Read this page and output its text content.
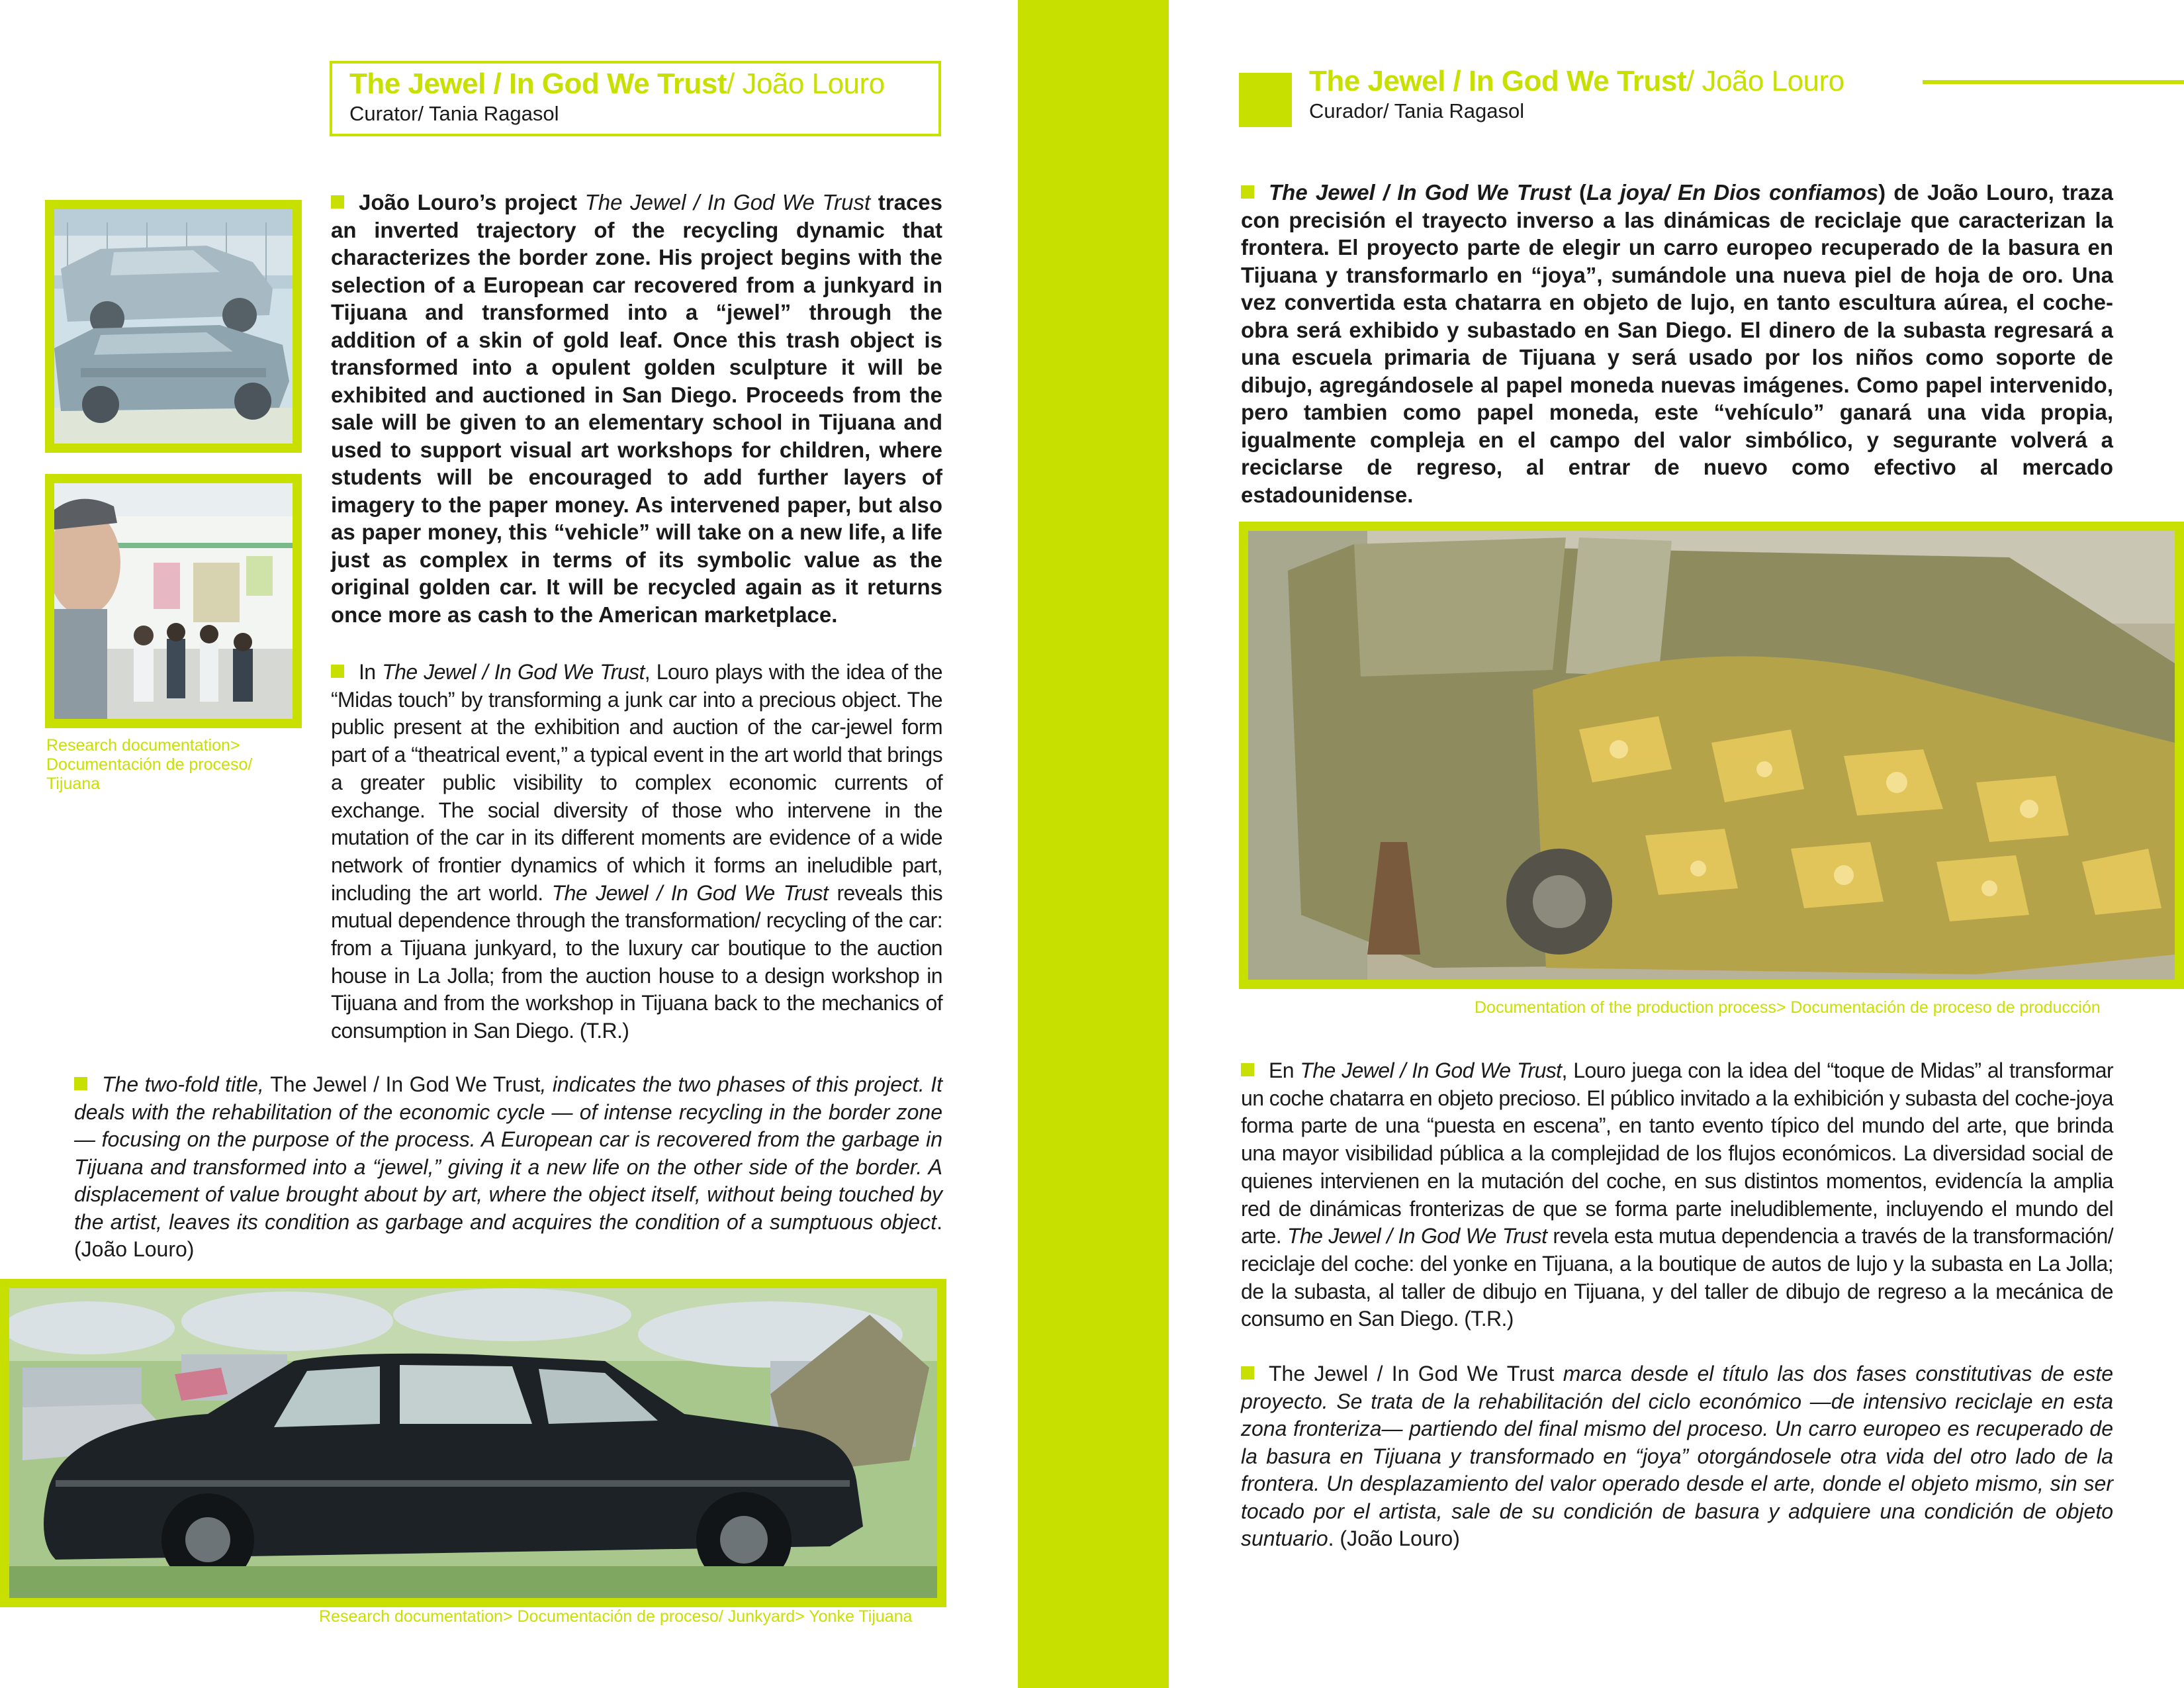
The Jewel / In God We Trust/ João Louro
Curator/ Tania Ragasol
Research documentation> Documentación de proceso/ Tijuana
João Louro’s project The Jewel / In God We Trust traces an inverted trajectory of the recycling dynamic that characterizes the border zone. His project begins with the selection of a European car recovered from a junkyard in Tijuana and transformed into a “jewel” through the addition of a skin of gold leaf. Once this trash object is transformed into a opulent golden sculpture it will be exhibited and auctioned in San Diego. Proceeds from the sale will be given to an elementary school in Tijuana and used to support visual art workshops for children, where students will be encouraged to add further layers of imagery to the paper money. As intervened paper, but also as paper money, this “vehicle” will take on a new life, a life just as complex in terms of its symbolic value as the original golden car. It will be recycled again as it returns once more as cash to the American marketplace.
In The Jewel / In God We Trust, Louro plays with the idea of the “Midas touch” by transforming a junk car into a precious object. The public present at the exhibition and auction of the car-jewel form part of a “theatrical event,” a typical event in the art world that brings a greater public visibility to complex economic currents of exchange. The social diversity of those who intervene in the mutation of the car in its different moments are evidence of a wide network of frontier dynamics of which it forms an ineludible part, including the art world. The Jewel / In God We Trust reveals this mutual dependence through the transformation/ recycling of the car: from a Tijuana junkyard, to the luxury car boutique to the auction house in La Jolla; from the auction house to a design workshop in Tijuana and from the workshop in Tijuana back to the mechanics of consumption in San Diego. (T.R.)
The two-fold title, The Jewel / In God We Trust, indicates the two phases of this project. It deals with the rehabilitation of the economic cycle — of intense recycling in the border zone — focusing on the purpose of the process. A European car is recovered from the garbage in Tijuana and transformed into a “jewel,” giving it a new life on the other side of the border. A displacement of value brought about by art, where the object itself, without being touched by the artist, leaves its condition as garbage and acquires the condition of a sumptuous object. (João Louro)
Research documentation> Documentación de proceso/ Junkyard> Yonke Tijuana
The Jewel / In God We Trust/ João Louro
Curador/ Tania Ragasol
The Jewel / In God We Trust (La joya/ En Dios confiamos) de João Louro, traza con precisión el trayecto inverso a las dinámicas de reciclaje que caracterizan la frontera. El proyecto parte de elegir un carro europeo recuperado de la basura en Tijuana y transformarlo en “joya”, sumándole una nueva piel de hoja de oro. Una vez convertida esta chatarra en objeto de lujo, en tanto escultura aúrea, el coche-obra será exhibido y subastado en San Diego. El dinero de la subasta regresará a una escuela primaria de Tijuana y será usado por los niños como soporte de dibujo, agregándosele al papel moneda nuevas imágenes. Como papel intervenido, pero tambien como papel moneda, este “vehículo” ganará una vida propia, igualmente compleja en el campo del valor simbólico, y segurante volverá a reciclarse de regreso, al entrar de nuevo como efectivo al mercado estadounidense.
Documentation of the production process> Documentación de proceso de producción
En The Jewel / In God We Trust, Louro juega con la idea del “toque de Midas” al transformar un coche chatarra en objeto precioso. El público invitado a la exhibición y subasta del coche-joya forma parte de una “puesta en escena”, en tanto evento típico del mundo del arte, que brinda una mayor visibilidad pública a la complejidad de los flujos económicos. La diversidad social de quienes intervienen en la mutación del coche, en sus distintos momentos, evidencía la amplia red de dinámicas fronterizas de que se forma parte ineludiblemente, incluyendo el mundo del arte. The Jewel / In God We Trust revela esta mutua dependencia a través de la transformación/ reciclaje del coche: del yonke en Tijuana, a la boutique de autos de lujo y la subasta en La Jolla; de la subasta, al taller de dibujo en Tijuana, y del taller de dibujo de regreso a la mecánica de consumo en San Diego. (T.R.)
The Jewel / In God We Trust marca desde el título las dos fases constitutivas de este proyecto. Se trata de la rehabilitación del ciclo económico —de intensivo reciclaje en esta zona fronteriza— partiendo del final mismo del proceso. Un carro europeo es recuperado de la basura en Tijuana y transformado en “joya” otorgándosele otra vida del otro lado de la frontera. Un desplazamiento del valor operado desde el arte, donde el objeto mismo, sin ser tocado por el artista, sale de su condición de basura y adquiere una condición de objeto suntuario. (João Louro)
